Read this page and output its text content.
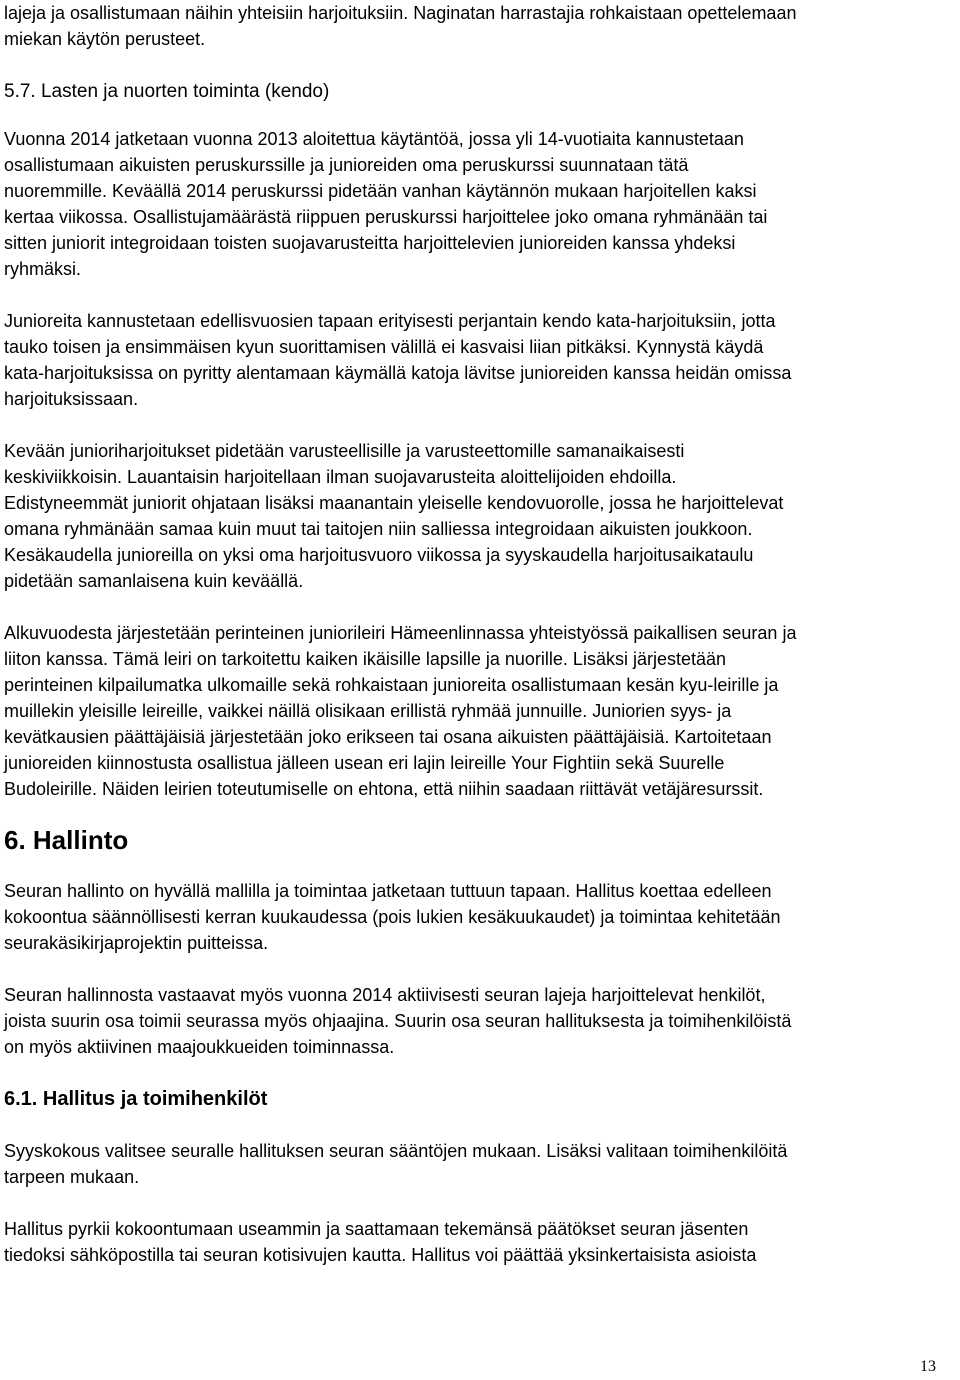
lajeja ja osallistumaan näihin yhteisiin harjoituksiin. Naginatan harrastajia rohkaistaan opettelemaan
miekan käytön perusteet.

5.7. Lasten ja nuorten toiminta (kendo)

Vuonna 2014 jatketaan vuonna 2013 aloitettua käytäntöä, jossa yli 14-vuotiaita kannustetaan
osallistumaan aikuisten peruskurssille ja junioreiden oma peruskurssi suunnataan tätä
nuoremmille. Keväällä 2014 peruskurssi pidetään vanhan käytännön mukaan harjoitellen kaksi
kertaa viikossa. Osallistujamäärästä riippuen peruskurssi harjoittelee joko omana ryhmänään tai
sitten juniorit integroidaan toisten suojavarusteitta harjoittelevien junioreiden kanssa yhdeksi
ryhmäksi.

Junioreita kannustetaan edellisvuosien tapaan erityisesti perjantain kendo kata-harjoituksiin, jotta
tauko toisen ja ensimmäisen kyun suorittamisen välillä ei kasvaisi liian pitkäksi. Kynnystä käydä
kata-harjoituksissa on pyritty alentamaan käymällä katoja lävitse junioreiden kanssa heidän omissa
harjoituksissaan.

Kevään junioriharjoitukset pidetään varusteellisille ja varusteettomille samanaikaisesti
keskiviikkoisin. Lauantaisin harjoitellaan ilman suojavarusteita aloittelijoiden ehdoilla.
Edistyneemmät juniorit ohjataan lisäksi maanantain yleiselle kendovuorolle, jossa he harjoittelevat
omana ryhmänään samaa kuin muut tai taitojen niin salliessa integroidaan aikuisten joukkoon.
Kesäkaudella junioreilla on yksi oma harjoitusvuoro viikossa ja syyskaudella harjoitusaikataulu
pidetään samanlaisena kuin keväällä.

Alkuvuodesta järjestetään perinteinen juniorileiri Hämeenlinnassa yhteistyössä paikallisen seuran ja
liiton kanssa. Tämä leiri on tarkoitettu kaiken ikäisille lapsille ja nuorille. Lisäksi järjestetään
perinteinen kilpailumatka ulkomaille sekä rohkaistaan junioreita osallistumaan kesän kyu-leirille ja
muillekin yleisille leireille, vaikkei näillä olisikaan erillistä ryhmää junnuille. Juniorien syys- ja
kevätkausien päättäjäisiä järjestetään joko erikseen tai osana aikuisten päättäjäisiä. Kartoitetaan
junioreiden kiinnostusta osallistua jälleen usean eri lajin leireille Your Fightiin sekä Suurelle
Budoleirille. Näiden leirien toteutumiselle on ehtona, että niihin saadaan riittävät vetäjäresurssit.

6. Hallinto

Seuran hallinto on hyvällä mallilla ja toimintaa jatketaan tuttuun tapaan. Hallitus koettaa edelleen
kokoontua säännöllisesti kerran kuukaudessa (pois lukien kesäkuukaudet) ja toimintaa kehitetään
seurakäsikirjaprojektin puitteissa.

Seuran hallinnosta vastaavat myös vuonna 2014 aktiivisesti seuran lajeja harjoittelevat henkilöt,
joista suurin osa toimii seurassa myös ohjaajina. Suurin osa seuran hallituksesta ja toimihenkilöistä
on myös aktiivinen maajoukkueiden toiminnassa.

6.1. Hallitus ja toimihenkilöt

Syyskokous valitsee seuralle hallituksen seuran sääntöjen mukaan. Lisäksi valitaan toimihenkilöitä
tarpeen mukaan.

Hallitus pyrkii kokoontumaan useammin ja saattamaan tekemänsä päätökset seuran jäsenten
tiedoksi sähköpostilla tai seuran kotisivujen kautta. Hallitus voi päättää yksinkertaisista asioista

13
